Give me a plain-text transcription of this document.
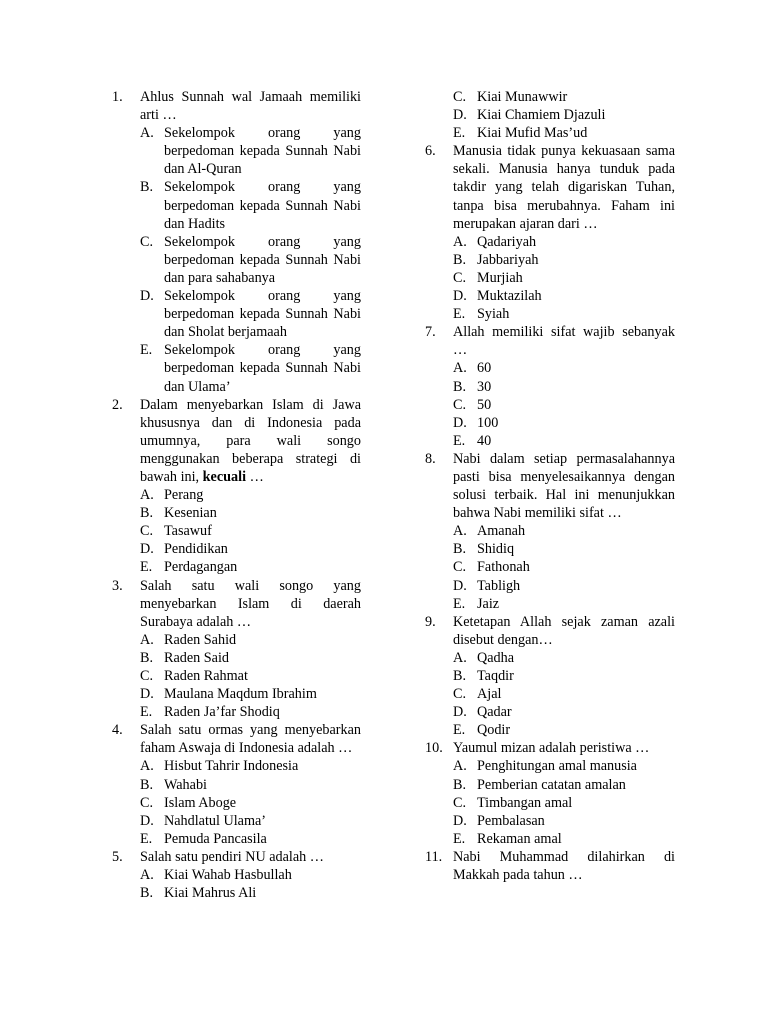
1.	Ahlus Sunnah wal Jamaah memiliki arti …
A. Sekelompok orang yang berpedoman kepada Sunnah Nabi dan Al-Quran
B. Sekelompok orang yang berpedoman kepada Sunnah Nabi dan Hadits
C. Sekelompok orang yang berpedoman kepada Sunnah Nabi dan para sahabanya
D. Sekelompok orang yang berpedoman kepada Sunnah Nabi dan Sholat berjamaah
E. Sekelompok orang yang berpedoman kepada Sunnah Nabi dan Ulama’
2.	Dalam menyebarkan Islam di Jawa khususnya dan di Indonesia pada umumnya, para wali songo menggunakan beberapa strategi di bawah ini, kecuali …
A. Perang
B. Kesenian
C. Tasawuf
D. Pendidikan
E. Perdagangan
3.	Salah satu wali songo yang menyebarkan Islam di daerah Surabaya adalah …
A. Raden Sahid
B. Raden Said
C. Raden Rahmat
D. Maulana Maqdum Ibrahim
E. Raden Ja’far Shodiq
4.	Salah satu ormas yang menyebarkan faham Aswaja di Indonesia adalah …
A. Hisbut Tahrir Indonesia
B. Wahabi
C. Islam Aboge
D. Nahdlatul Ulama’
E. Pemuda Pancasila
5.	Salah satu pendiri NU adalah …
A. Kiai Wahab Hasbullah
B. Kiai Mahrus Ali
C. Kiai Munawwir
D. Kiai Chamiem Djazuli
E. Kiai Mufid Mas’ud
6.	Manusia tidak punya kekuasaan sama sekali. Manusia hanya tunduk pada takdir yang telah digariskan Tuhan, tanpa bisa merubahnya. Faham ini merupakan ajaran dari …
A. Qadariyah
B. Jabbariyah
C. Murjiah
D. Muktazilah
E. Syiah
7.	Allah memiliki sifat wajib sebanyak …
A. 60
B. 30
C. 50
D. 100
E. 40
8.	Nabi dalam setiap permasalahannya pasti bisa menyelesaikannya dengan solusi terbaik. Hal ini menunjukkan bahwa Nabi memiliki sifat …
A. Amanah
B. Shidiq
C. Fathonah
D. Tabligh
E. Jaiz
9.	Ketetapan Allah sejak zaman azali disebut dengan…
A. Qadha
B. Taqdir
C. Ajal
D. Qadar
E. Qodir
10. Yaumul mizan adalah peristiwa …
A. Penghitungan amal manusia
B. Pemberian catatan amalan
C. Timbangan amal
D. Pembalasan
E. Rekaman amal
11. Nabi Muhammad dilahirkan di Makkah pada tahun …
